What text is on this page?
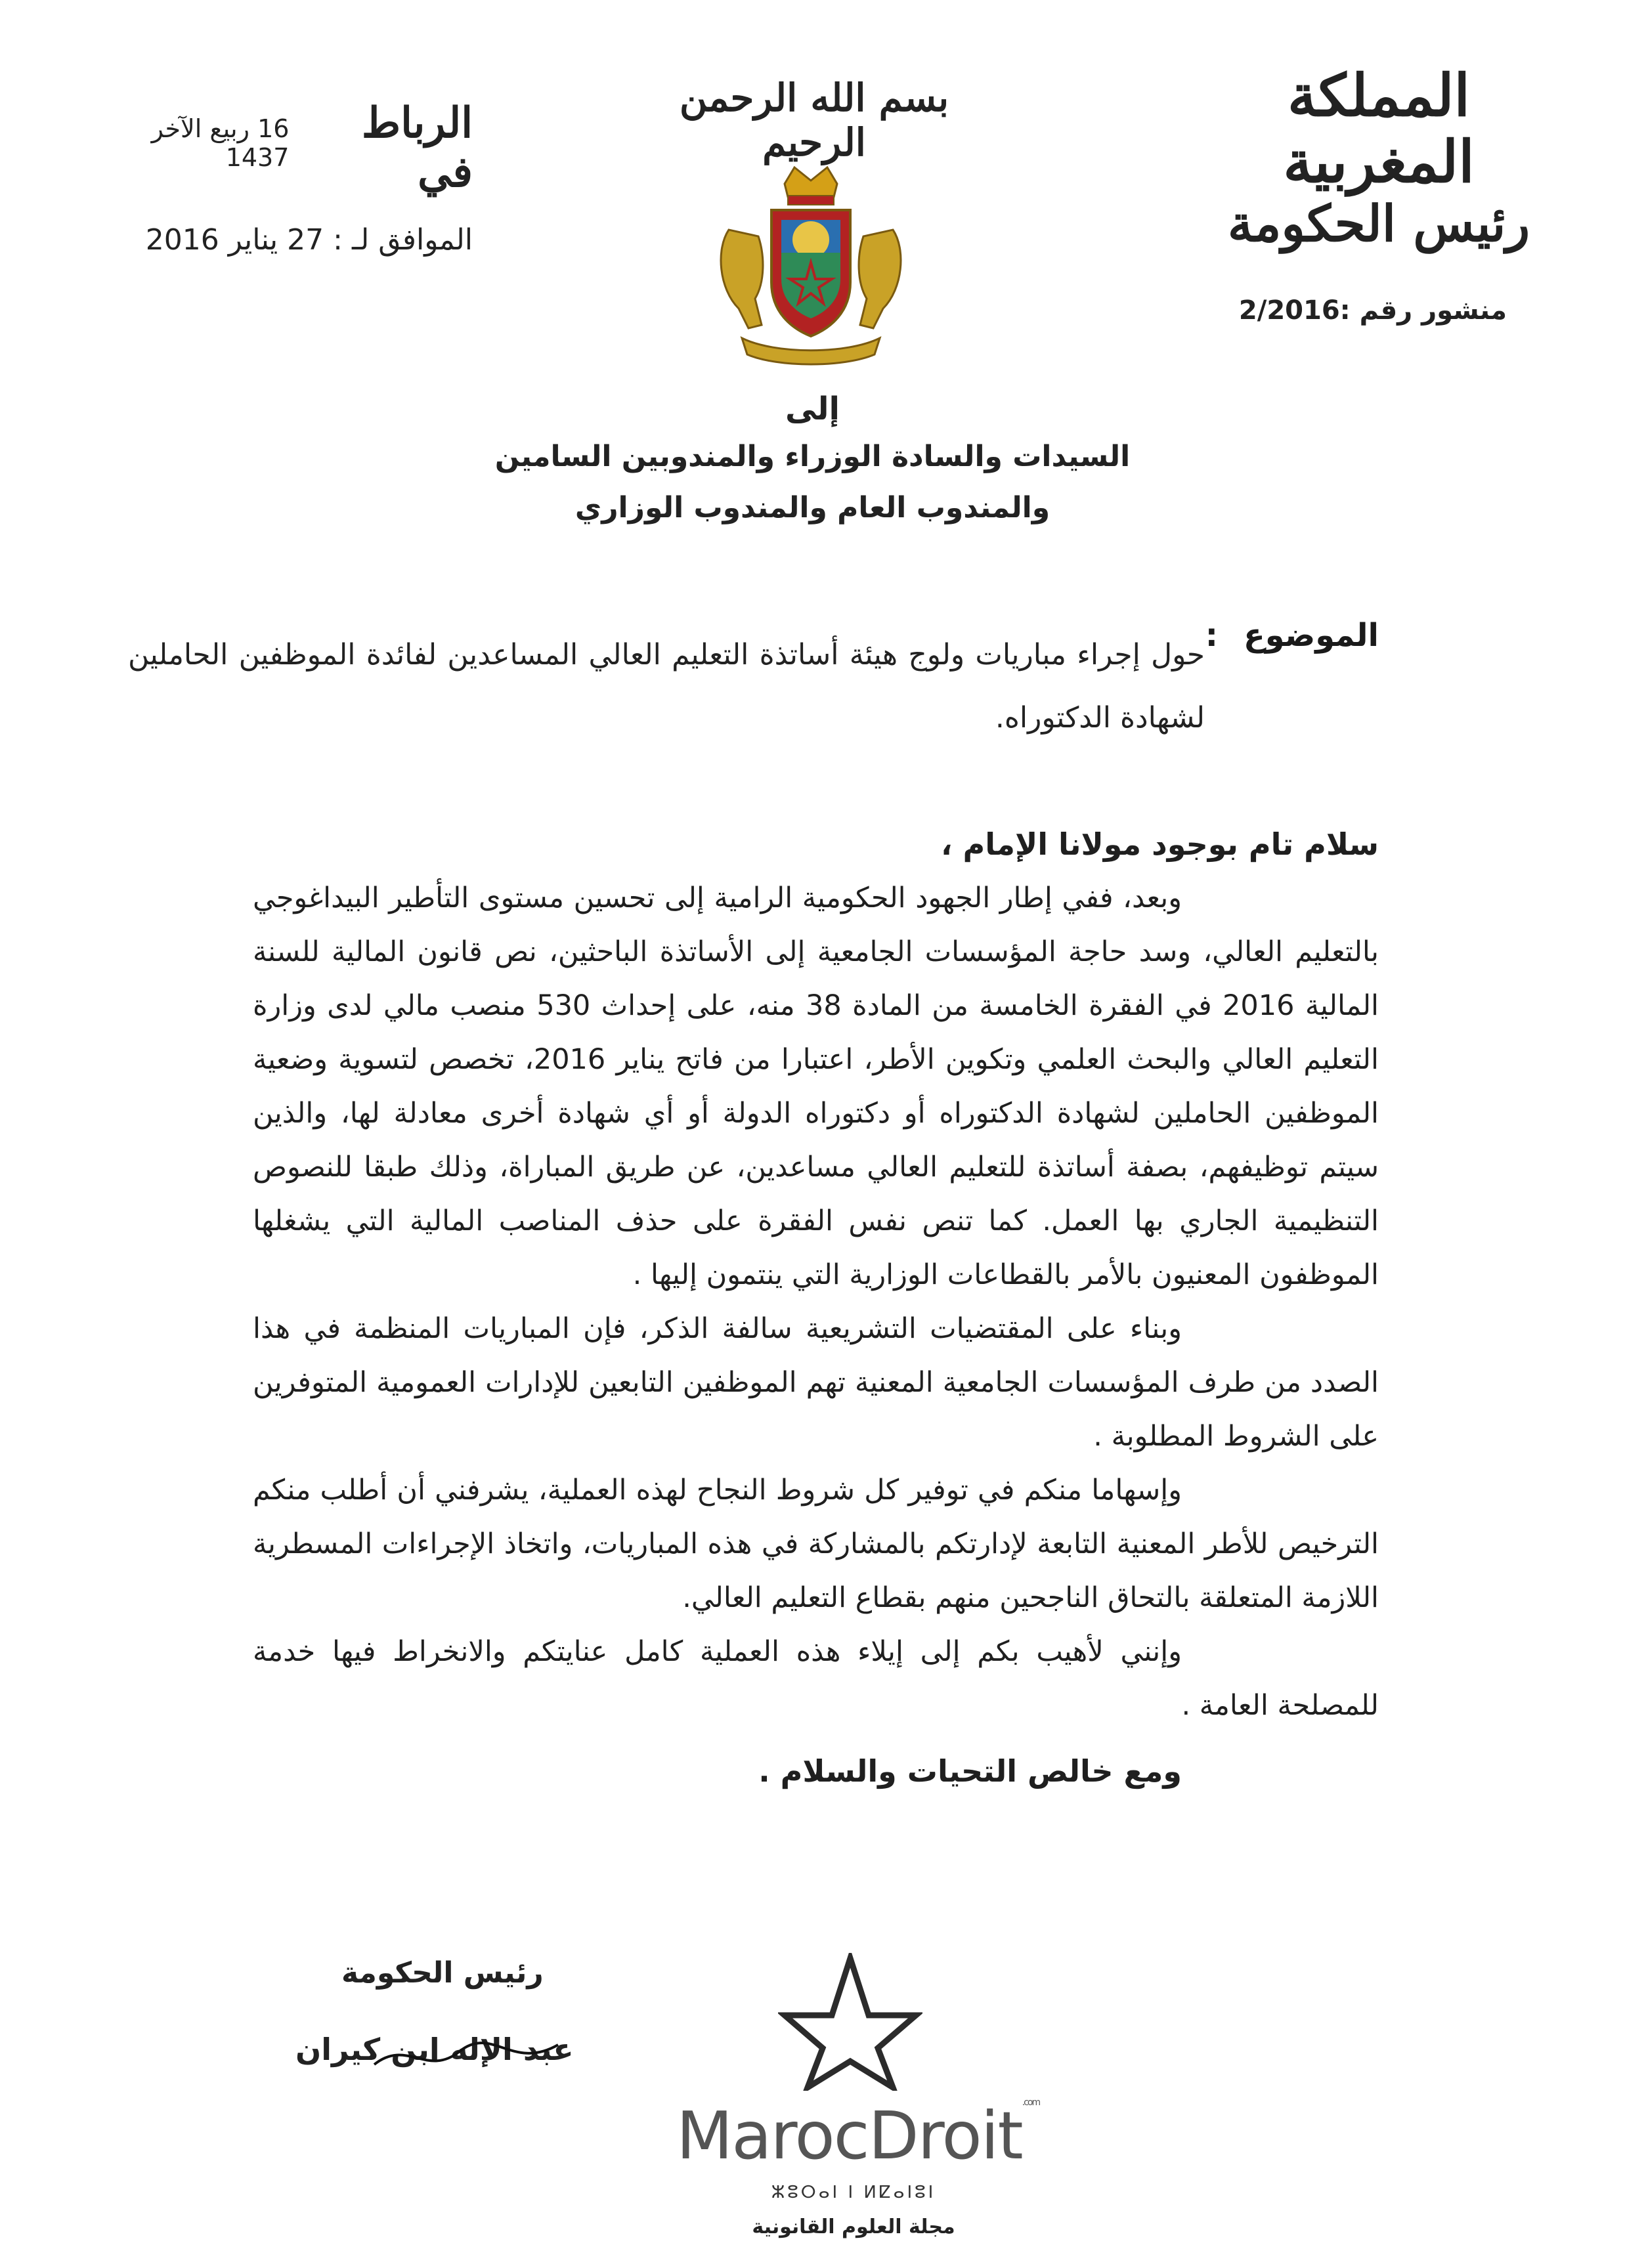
المملكة المغربية
رئيس الحكومة
بسم الله الرحمن الرحيم
الرباط في
16 ربيع الآخر 1437
الموافق لـ : 27 يناير 2016
منشور رقم :2/2016
إلى
السيدات والسادة الوزراء والمندوبين السامين
والمندوب العام والمندوب الوزاري
الموضوع
:
حول إجراء مباريات ولوج هيئة أساتذة التعليم العالي المساعدين لفائدة الموظفين الحاملين لشهادة الدكتوراه.
سلام تام بوجود مولانا الإمام ،

وبعد، ففي إطار الجهود الحكومية الرامية إلى تحسين مستوى التأطير البيداغوجي بالتعليم العالي، وسد حاجة المؤسسات الجامعية إلى الأساتذة الباحثين، نص قانون المالية للسنة المالية 2016 في الفقرة الخامسة من المادة 38 منه، على إحداث 530 منصب مالي لدى وزارة التعليم العالي والبحث العلمي وتكوين الأطر، اعتبارا من فاتح يناير 2016، تخصص لتسوية وضعية الموظفين الحاملين لشهادة الدكتوراه أو دكتوراه الدولة أو أي شهادة أخرى معادلة لها، والذين سيتم توظيفهم، بصفة أساتذة للتعليم العالي مساعدين، عن طريق المباراة، وذلك طبقا للنصوص التنظيمية الجاري بها العمل. كما تنص نفس الفقرة على حذف المناصب المالية التي يشغلها الموظفون المعنيون بالأمر بالقطاعات الوزارية التي ينتمون إليها .

وبناء على المقتضيات التشريعية سالفة الذكر، فإن المباريات المنظمة في هذا الصدد من طرف المؤسسات الجامعية المعنية تهم الموظفين التابعين للإدارات العمومية المتوفرين على الشروط المطلوبة .

وإسهاما منكم في توفير كل شروط النجاح لهذه العملية، يشرفني أن أطلب منكم الترخيص للأطر المعنية التابعة لإدارتكم بالمشاركة في هذه المباريات، واتخاذ الإجراءات المسطرية اللازمة المتعلقة بالتحاق الناجحين منهم بقطاع التعليم العالي.

وإنني لأهيب بكم إلى إيلاء هذه العملية كامل عنايتكم والانخراط فيها خدمة للمصلحة العامة .

ومع خالص التحيات والسلام .
رئيس الحكومة
عبد الإله ابن كيران
MarocDroit$^{.com}$
ⵣⵓⵔⴰⵏ ⵏ ⵍⵇⴰⵏⵓⵏ
مجلة العلوم القانونية
